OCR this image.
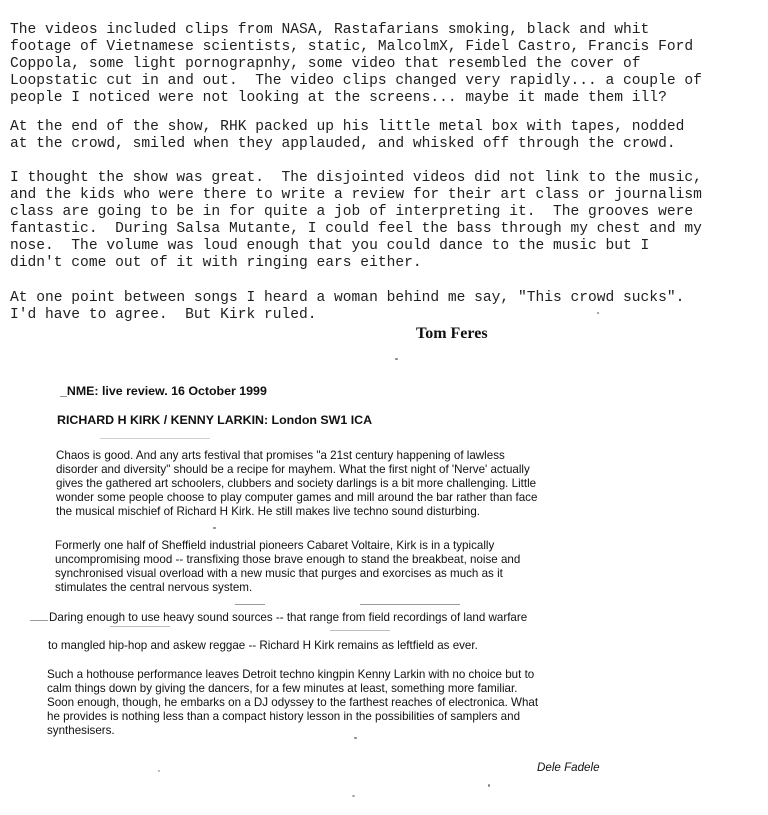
The videos included clips from NASA, Rastafarians smoking, black and whit

footage of Vietnamese scientists, static, MalcolmX, Fidel Castro, Francis Ford

Coppola, some light pornograpnhy, some video that resembled the cover of

Loopstatic cut in and out.  The video clips changed very rapidly... a couple of

people I noticed were not looking at the screens... maybe it made them ill?

At the end of the show, RHK packed up his little metal box with tapes, nodded

at the crowd, smiled when they applauded, and whisked off through the crowd.

I thought the show was great.  The disjointed videos did not link to the music,

and the kids who were there to write a review for their art class or journalism

class are going to be in for quite a job of interpreting it.  The grooves were

fantastic.  During Salsa Mutante, I could feel the bass through my chest and my

nose.  The volume was loud enough that you could dance to the music but I

didn't come out of it with ringing ears either.

At one point between songs I heard a woman behind me say, "This crowd sucks".

I'd have to agree.  But Kirk ruled.

Tom Feres
_NME: live review. 16 October 1999
RICHARD H KIRK / KENNY LARKIN: London SW1 ICA

Chaos is good. And any arts festival that promises "a 21st century happening of lawless

disorder and diversity" should be a recipe for mayhem. What the first night of 'Nerve' actually

gives the gathered art schoolers, clubbers and society darlings is a bit more challenging. Little

wonder some people choose to play computer games and mill around the bar rather than face

the musical mischief of Richard H Kirk. He still makes live techno sound disturbing.

Formerly one half of Sheffield industrial pioneers Cabaret Voltaire, Kirk is in a typically

uncompromising mood -- transfixing those brave enough to stand the breakbeat, noise and

synchronised visual overload with a new music that purges and exorcises as much as it

stimulates the central nervous system.

Daring enough to use heavy sound sources -- that range from field recordings of land warfare
to mangled hip-hop and askew reggae -- Richard H Kirk remains as leftfield as ever.

Such a hothouse performance leaves Detroit techno kingpin Kenny Larkin with no choice but to

calm things down by giving the dancers, for a few minutes at least, something more familiar.

Soon enough, though, he embarks on a DJ odyssey to the farthest reaches of electronica. What

he provides is nothing less than a compact history lesson in the possibilities of samplers and

synthesisers.

Dele Fadele
